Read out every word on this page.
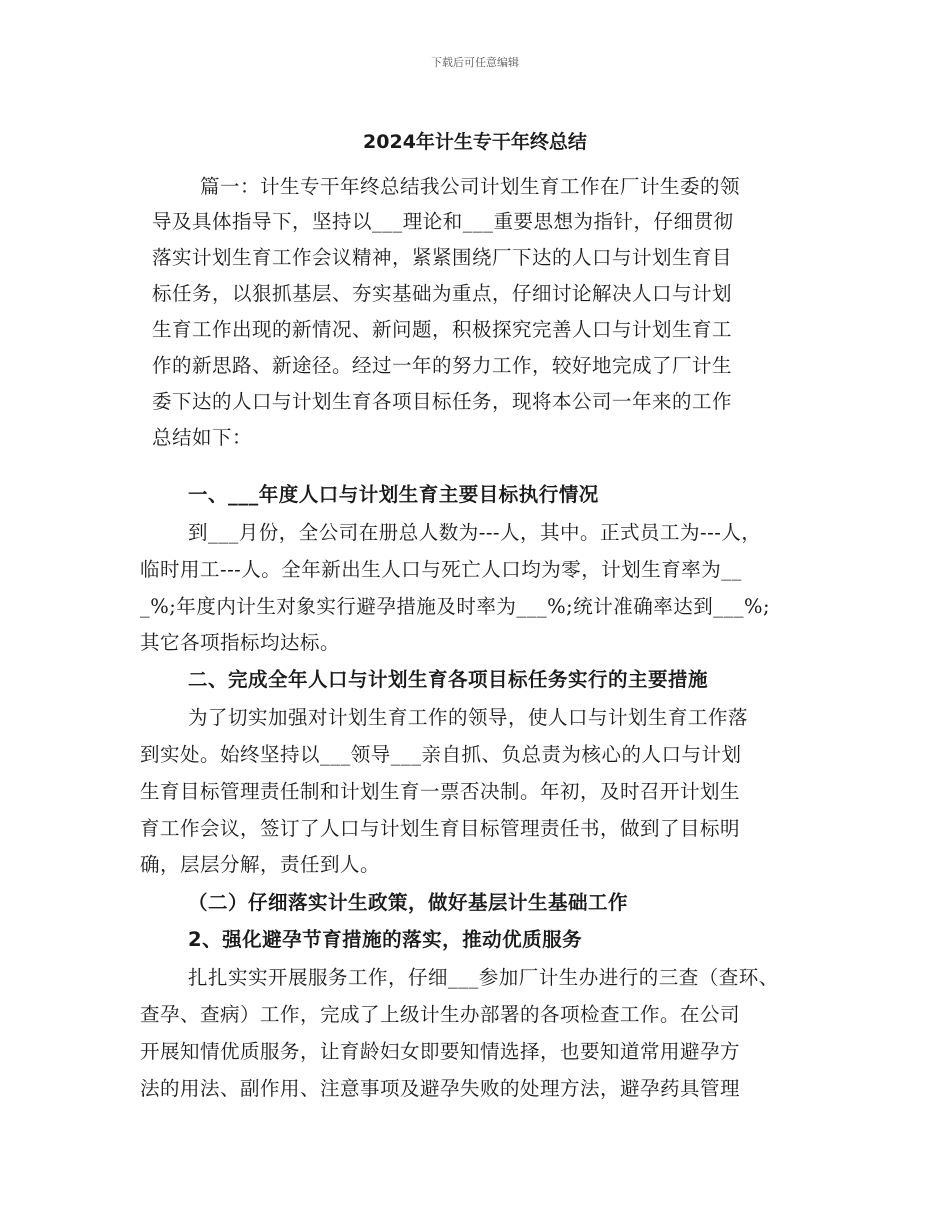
下载后可任意编辑
2024年计生专干年终总结
篇一：计生专干年终总结我公司计划生育工作在厂计生委的领
导及具体指导下，坚持以___理论和___重要思想为指针，仔细贯彻
落实计划生育工作会议精神，紧紧围绕厂下达的人口与计划生育目
标任务，以狠抓基层、夯实基础为重点，仔细讨论解决人口与计划
生育工作出现的新情况、新问题，积极探究完善人口与计划生育工
作的新思路、新途径。经过一年的努力工作，较好地完成了厂计生
委下达的人口与计划生育各项目标任务，现将本公司一年来的工作
总结如下：
一、___年度人口与计划生育主要目标执行情况
到___月份，全公司在册总人数为---人，其中。正式员工为---人，
临时用工---人。全年新出生人口与死亡人口均为零，计划生育率为__
_%;年度内计生对象实行避孕措施及时率为___%;统计准确率达到___%;
其它各项指标均达标。
二、完成全年人口与计划生育各项目标任务实行的主要措施
为了切实加强对计划生育工作的领导，使人口与计划生育工作落
到实处。始终坚持以___领导___亲自抓、负总责为核心的人口与计划
生育目标管理责任制和计划生育一票否决制。年初，及时召开计划生
育工作会议，签订了人口与计划生育目标管理责任书，做到了目标明
确，层层分解，责任到人。
（二）仔细落实计生政策，做好基层计生基础工作
2、强化避孕节育措施的落实，推动优质服务
扎扎实实开展服务工作，仔细___参加厂计生办进行的三查（查环、
查孕、查病）工作，完成了上级计生办部署的各项检查工作。在公司
开展知情优质服务，让育龄妇女即要知情选择，也要知道常用避孕方
法的用法、副作用、注意事项及避孕失败的处理方法，避孕药具管理
